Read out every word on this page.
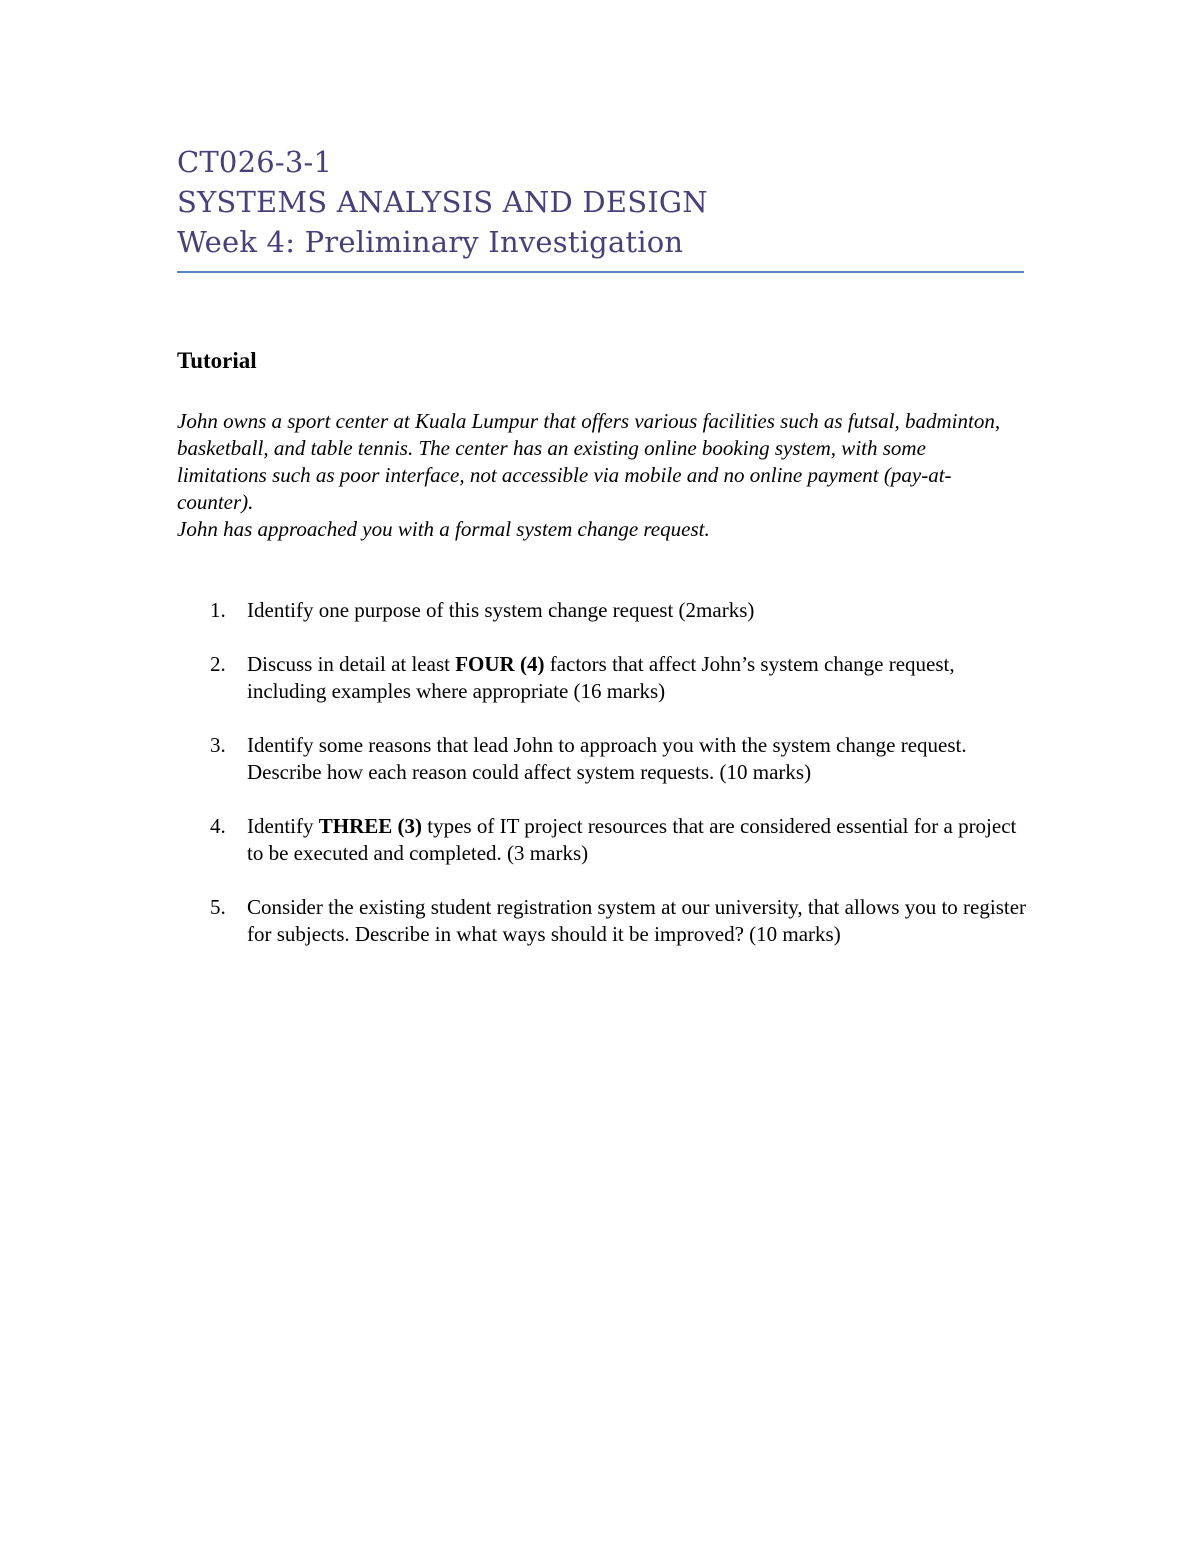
CT026-3-1
SYSTEMS ANALYSIS AND DESIGN
Week 4: Preliminary Investigation
Tutorial

John owns a sport center at Kuala Lumpur that offers various facilities such as futsal, badminton, basketball, and table tennis. The center has an existing online booking system, with some limitations such as poor interface, not accessible via mobile and no online payment (pay-at-counter).

John has approached you with a formal system change request.

1. Identify one purpose of this system change request (2marks)
2. Discuss in detail at least FOUR (4) factors that affect John’s system change request, including examples where appropriate (16 marks)
3. Identify some reasons that lead John to approach you with the system change request. Describe how each reason could affect system requests. (10 marks)
4. Identify THREE (3) types of IT project resources that are considered essential for a project to be executed and completed. (3 marks)
5. Consider the existing student registration system at our university, that allows you to register for subjects. Describe in what ways should it be improved? (10 marks)
